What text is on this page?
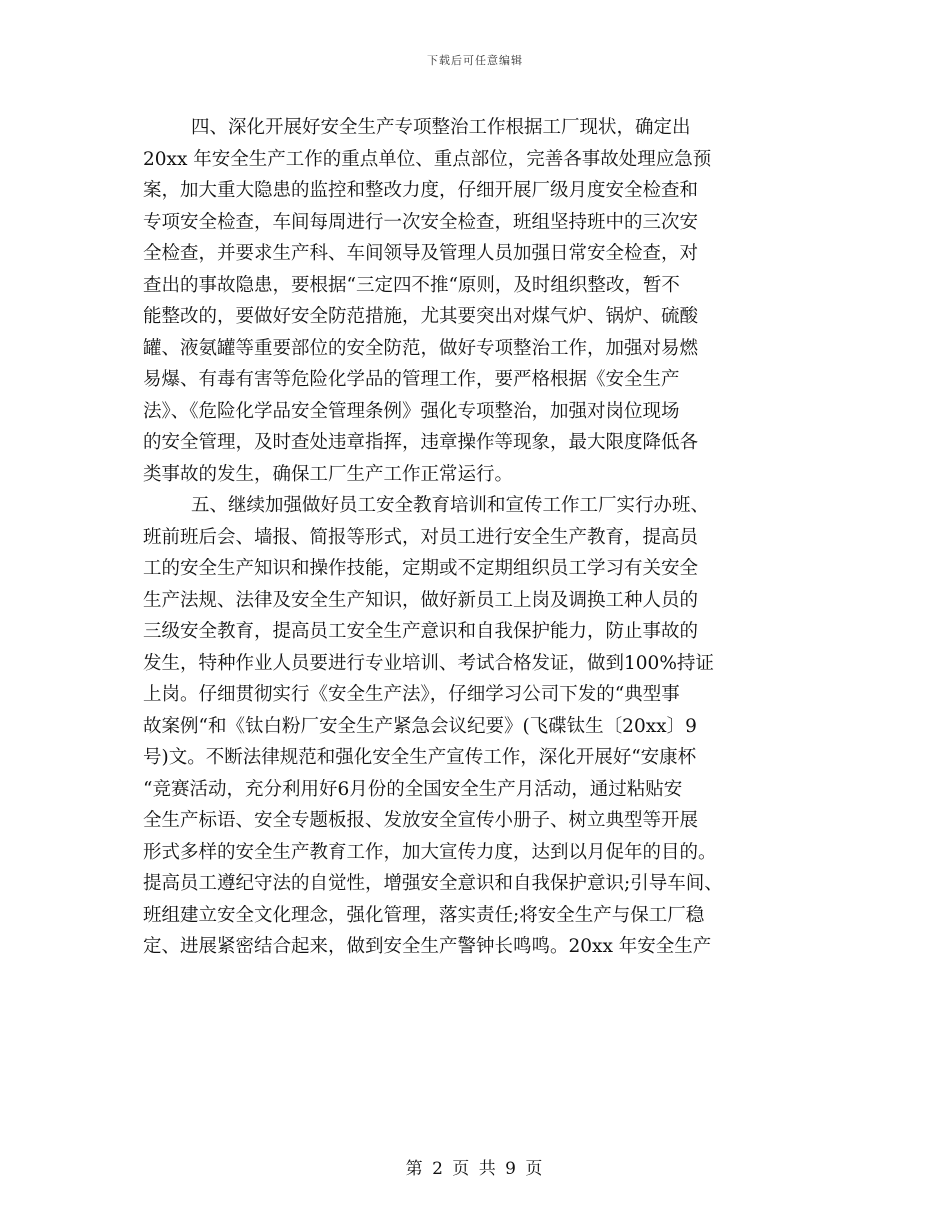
下载后可任意编辑
四、深化开展好安全生产专项整治工作根据工厂现状，确定出
20xx 年安全生产工作的重点单位、重点部位，完善各事故处理应急预
案，加大重大隐患的监控和整改力度，仔细开展厂级月度安全检查和
专项安全检查，车间每周进行一次安全检查，班组坚持班中的三次安
全检查，并要求生产科、车间领导及管理人员加强日常安全检查，对
查出的事故隐患，要根据“三定四不推“原则，及时组织整改，暂不
能整改的，要做好安全防范措施，尤其要突出对煤气炉、锅炉、硫酸
罐、液氨罐等重要部位的安全防范，做好专项整治工作，加强对易燃
易爆、有毒有害等危险化学品的管理工作，要严格根据《安全生产
法》、《危险化学品安全管理条例》强化专项整治，加强对岗位现场
的安全管理，及时查处违章指挥，违章操作等现象，最大限度降低各
类事故的发生，确保工厂生产工作正常运行。
五、继续加强做好员工安全教育培训和宣传工作工厂实行办班、
班前班后会、墙报、简报等形式，对员工进行安全生产教育，提高员
工的安全生产知识和操作技能，定期或不定期组织员工学习有关安全
生产法规、法律及安全生产知识，做好新员工上岗及调换工种人员的
三级安全教育，提高员工安全生产意识和自我保护能力，防止事故的
发生，特种作业人员要进行专业培训、考试合格发证，做到100%持证
上岗。仔细贯彻实行《安全生产法》，仔细学习公司下发的“典型事
故案例“和《钛白粉厂安全生产紧急会议纪要》(飞碟钛生〔20xx〕9
号)文。不断法律规范和强化安全生产宣传工作，深化开展好“安康杯
“竞赛活动，充分利用好6月份的全国安全生产月活动，通过粘贴安
全生产标语、安全专题板报、发放安全宣传小册子、树立典型等开展
形式多样的安全生产教育工作，加大宣传力度，达到以月促年的目的。
提高员工遵纪守法的自觉性，增强安全意识和自我保护意识;引导车间、
班组建立安全文化理念，强化管理，落实责任;将安全生产与保工厂稳
定、进展紧密结合起来，做到安全生产警钟长鸣鸣。20xx 年安全生产
第 2 页 共 9 页
